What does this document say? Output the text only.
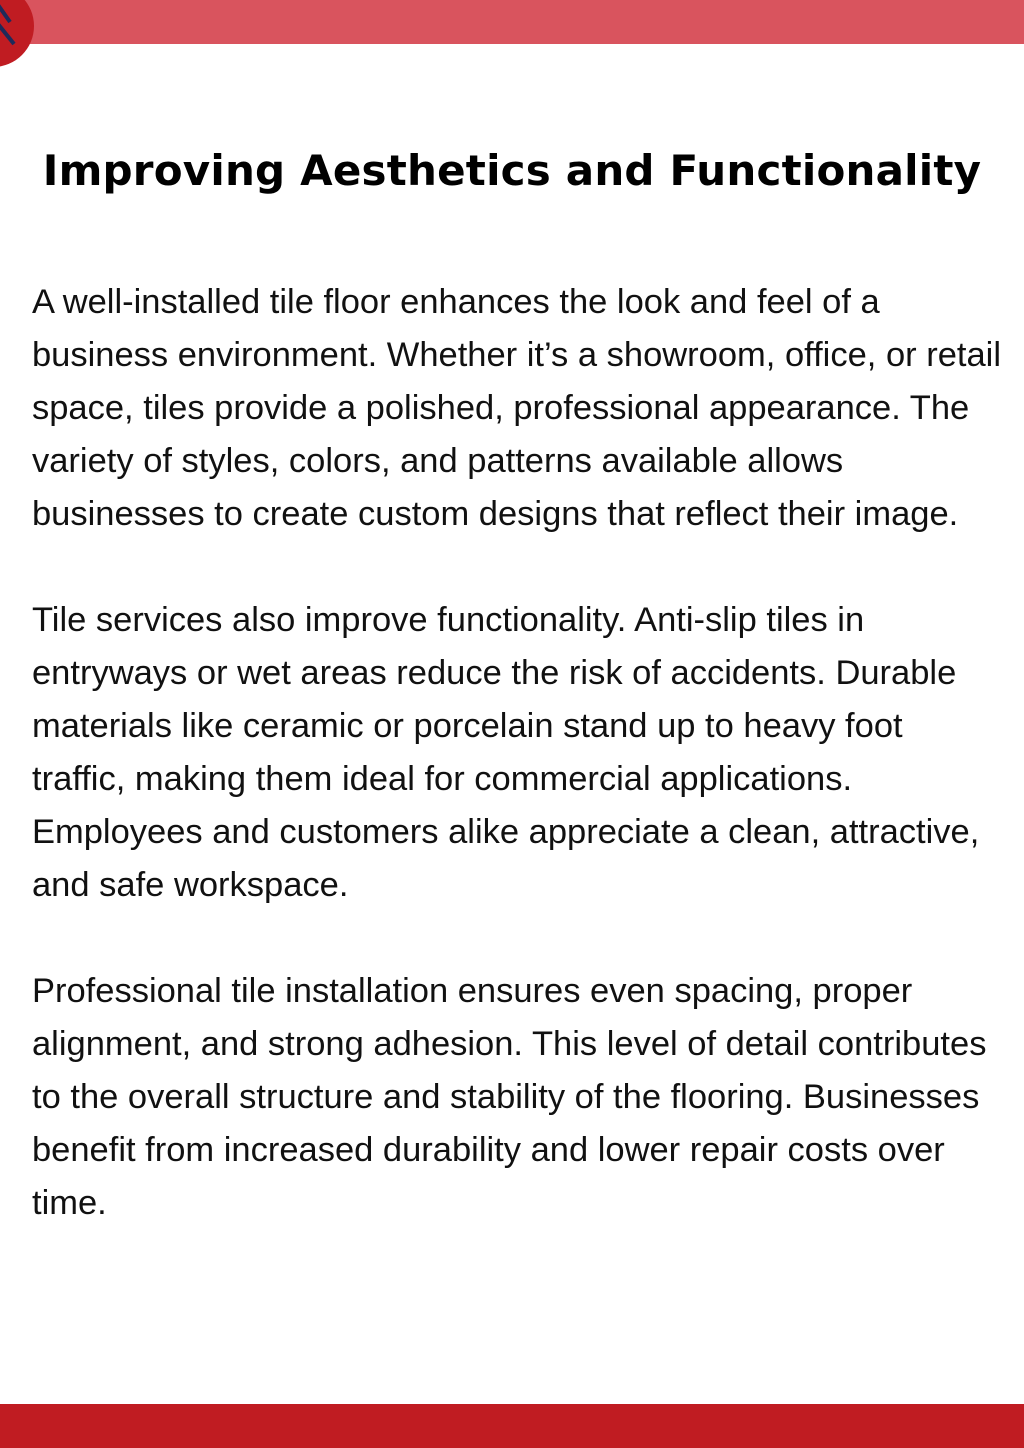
Improving Aesthetics and Functionality

A well-installed tile floor enhances the look and feel of a business environment. Whether it’s a showroom, office, or retail space, tiles provide a polished, professional appearance. The variety of styles, colors, and patterns available allows businesses to create custom designs that reflect their image.

Tile services also improve functionality. Anti-slip tiles in entryways or wet areas reduce the risk of accidents. Durable materials like ceramic or porcelain stand up to heavy foot traffic, making them ideal for commercial applications. Employees and customers alike appreciate a clean, attractive, and safe workspace.

Professional tile installation ensures even spacing, proper alignment, and strong adhesion. This level of detail contributes to the overall structure and stability of the flooring. Businesses benefit from increased durability and lower repair costs over time.
